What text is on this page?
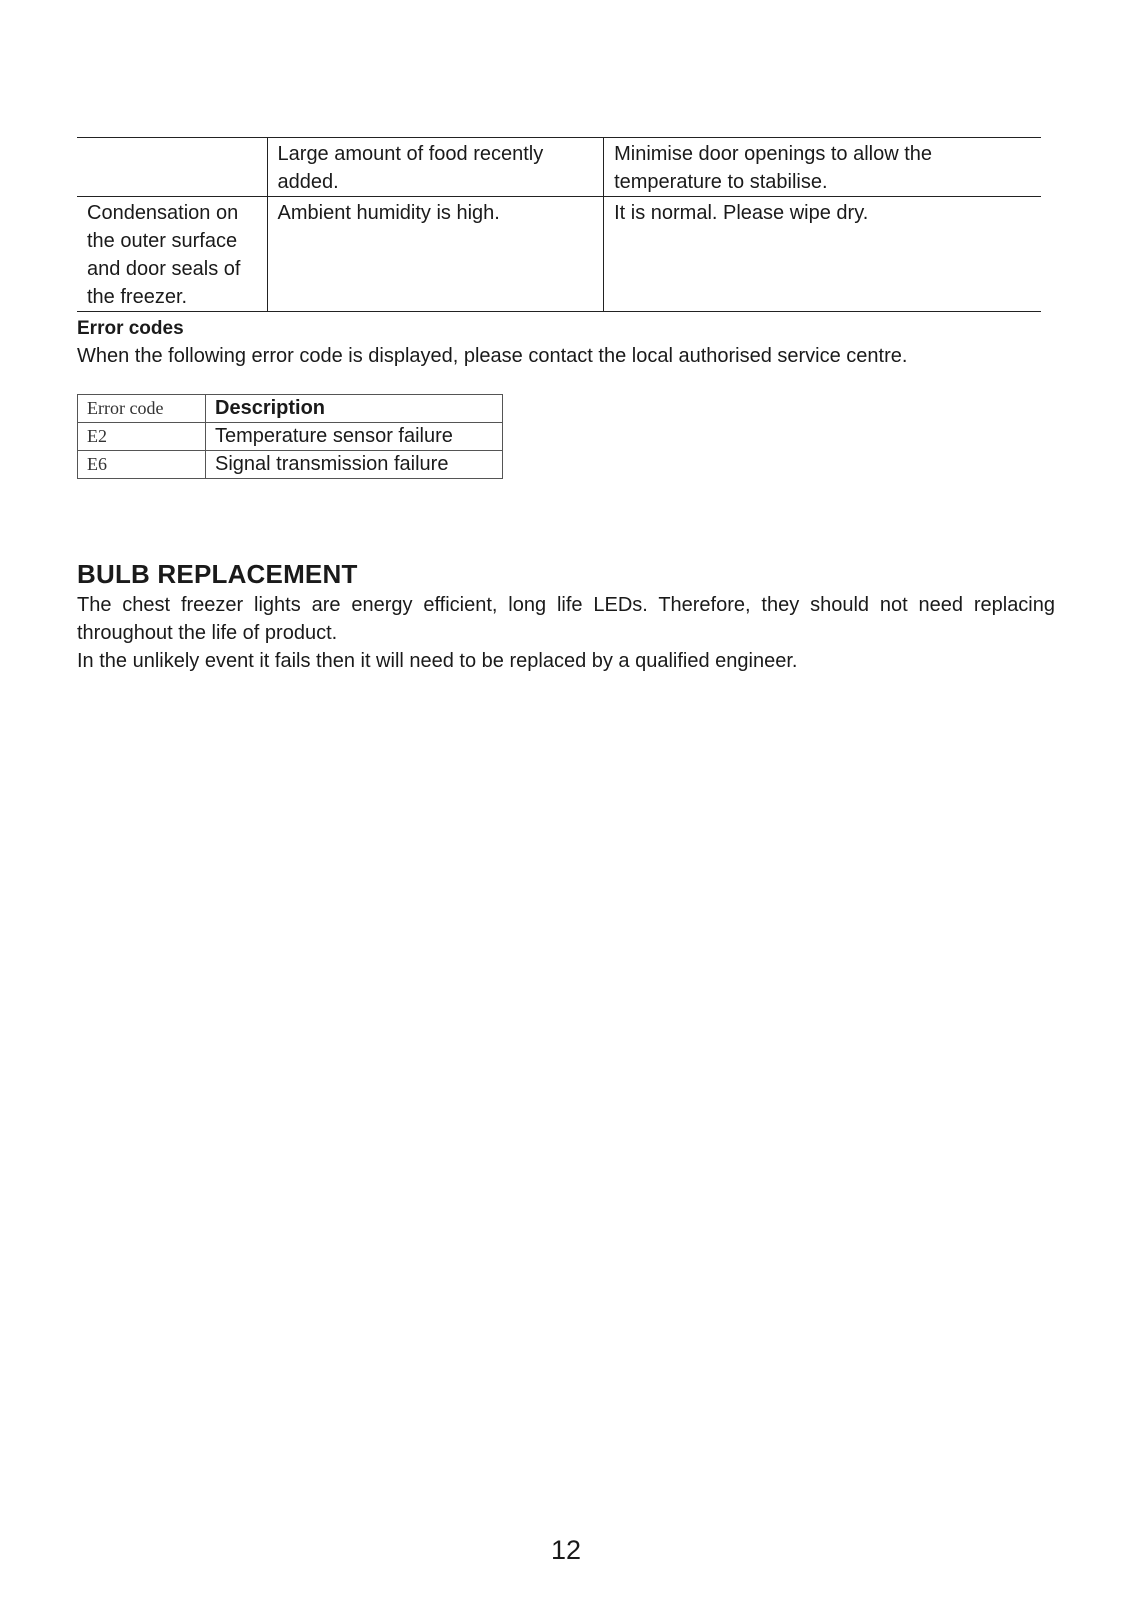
	Large amount of food recently added.	Minimise door openings to allow the temperature to stabilise.
Condensation on the outer surface and door seals of the freezer.	Ambient humidity is high.	It is normal. Please wipe dry.
Error codes

When the following error code is displayed, please contact the local authorised service centre.

Error code	Description
E2	Temperature sensor failure
E6	Signal transmission failure
BULB REPLACEMENT

The chest freezer lights are energy efficient, long life LEDs. Therefore, they should not need replacing throughout the life of product.

In the unlikely event it fails then it will need to be replaced by a qualified engineer.

12
